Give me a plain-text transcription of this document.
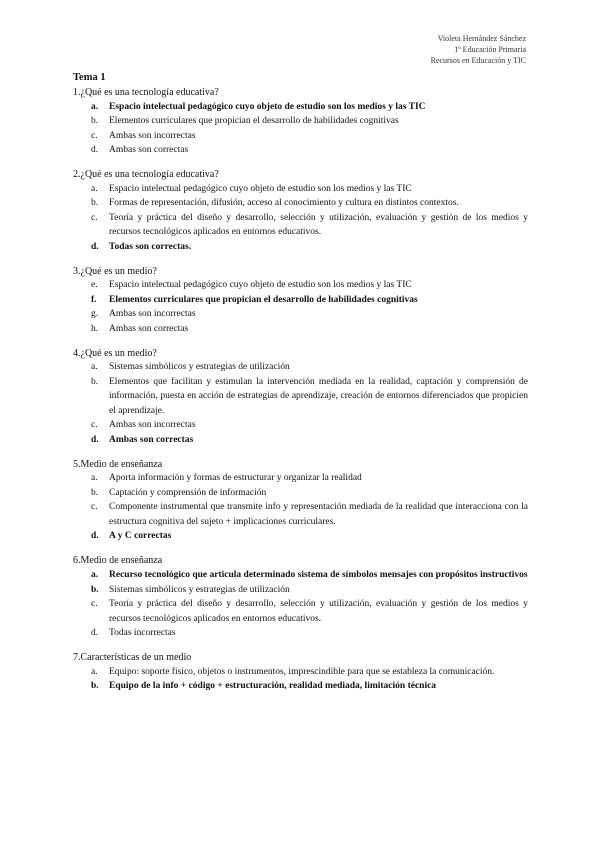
Violeta Hernández Sánchez
1º Educación Primaria
Recursos en Educación y TIC
Tema 1
1.¿Qué es una tecnología educativa?
a.	Espacio intelectual pedagógico cuyo objeto de estudio son los medios y las TIC
b.	Elementos curriculares que propician el desarrollo de habilidades cognitivas
c.	Ambas son incorrectas
d.	Ambas son correctas
2.¿Qué es una tecnología educativa?
a.	Espacio intelectual pedagógico cuyo objeto de estudio son los medios y las TIC
b.	Formas de representación, difusión, acceso al conocimiento y cultura en distintos contextos.
c.	Teoría y práctica del diseño y desarrollo, selección y utilización, evaluación y gestión de los medios y recursos tecnológicos aplicados en entornos educativos.
d.	Todas son correctas.
3.¿Qué es un medio?
e.	Espacio intelectual pedagógico cuyo objeto de estudio son los medios y las TIC
f.	Elementos curriculares que propician el desarrollo de habilidades cognitivas
g.	Ambas son incorrectas
h.	Ambas son correctas
4.¿Qué es un medio?
a.	Sistemas simbólicos y estrategias de utilización
b.	Elementos que facilitan y estimulan la intervención mediada en la realidad, captación y comprensión de información, puesta en acción de estrategias de aprendizaje, creación de entornos diferenciados que propicien el aprendizaje.
c.	Ambas son incorrectas
d.	Ambas son correctas
5.Medio de enseñanza
a.	Aporta información y formas de estructurar y organizar la realidad
b.	Captación y comprensión de información
c.	Componente instrumental que transmite info y representación mediada de la realidad que interacciona con la estructura cognitiva del sujeto + implicaciones curriculares.
d.	A y C correctas
6.Medio de enseñanza
a.	Recurso tecnológico que articula determinado sistema de símbolos mensajes con propósitos instructivos
b.	Sistemas simbólicos y estrategias de utilización
c.	Teoría y práctica del diseño y desarrollo, selección y utilización, evaluación y gestión de los medios y recursos tecnológicos aplicados en entornos educativos.
d.	Todas incorrectas
7.Características de un medio
a.	Equipo: soporte físico, objetos o instrumentos, imprescindible para que se estableza la comunicación.
b.	Equipo de la info + código + estructuración, realidad mediada, limitación técnica
